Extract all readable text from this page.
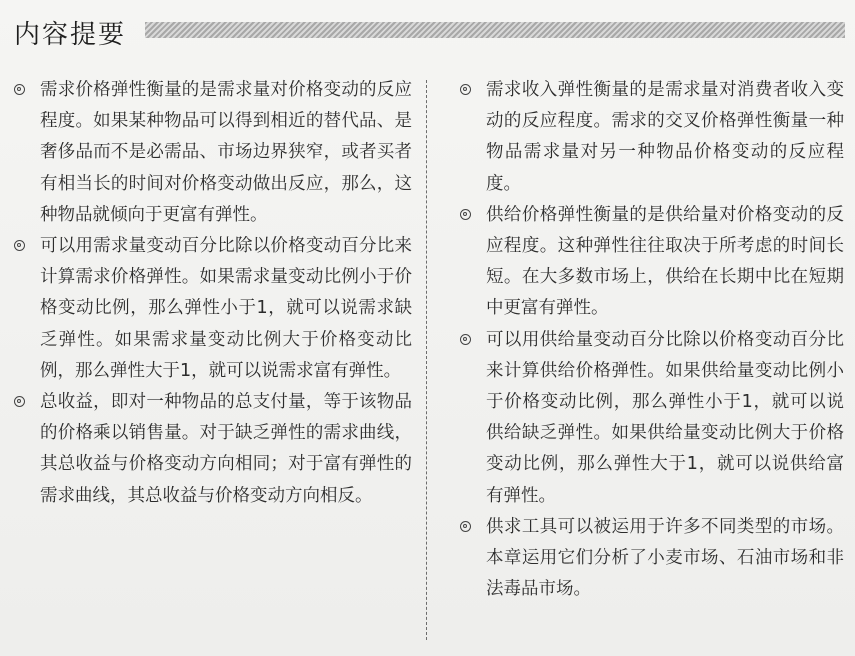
内容提要
需求价格弹性衡量的是需求量对价格变动的反应程度。如果某种物品可以得到相近的替代品、是奢侈品而不是必需品、市场边界狭窄，或者买者有相当长的时间对价格变动做出反应，那么，这种物品就倾向于更富有弹性。
可以用需求量变动百分比除以价格变动百分比来计算需求价格弹性。如果需求量变动比例小于价格变动比例，那么弹性小于1，就可以说需求缺乏弹性。如果需求量变动比例大于价格变动比例，那么弹性大于1，就可以说需求富有弹性。
总收益，即对一种物品的总支付量，等于该物品的价格乘以销售量。对于缺乏弹性的需求曲线，其总收益与价格变动方向相同；对于富有弹性的需求曲线，其总收益与价格变动方向相反。
需求收入弹性衡量的是需求量对消费者收入变动的反应程度。需求的交叉价格弹性衡量一种物品需求量对另一种物品价格变动的反应程度。
供给价格弹性衡量的是供给量对价格变动的反应程度。这种弹性往往取决于所考虑的时间长短。在大多数市场上，供给在长期中比在短期中更富有弹性。
可以用供给量变动百分比除以价格变动百分比来计算供给价格弹性。如果供给量变动比例小于价格变动比例，那么弹性小于1，就可以说供给缺乏弹性。如果供给量变动比例大于价格变动比例，那么弹性大于1，就可以说供给富有弹性。
供求工具可以被运用于许多不同类型的市场。本章运用它们分析了小麦市场、石油市场和非法毒品市场。
